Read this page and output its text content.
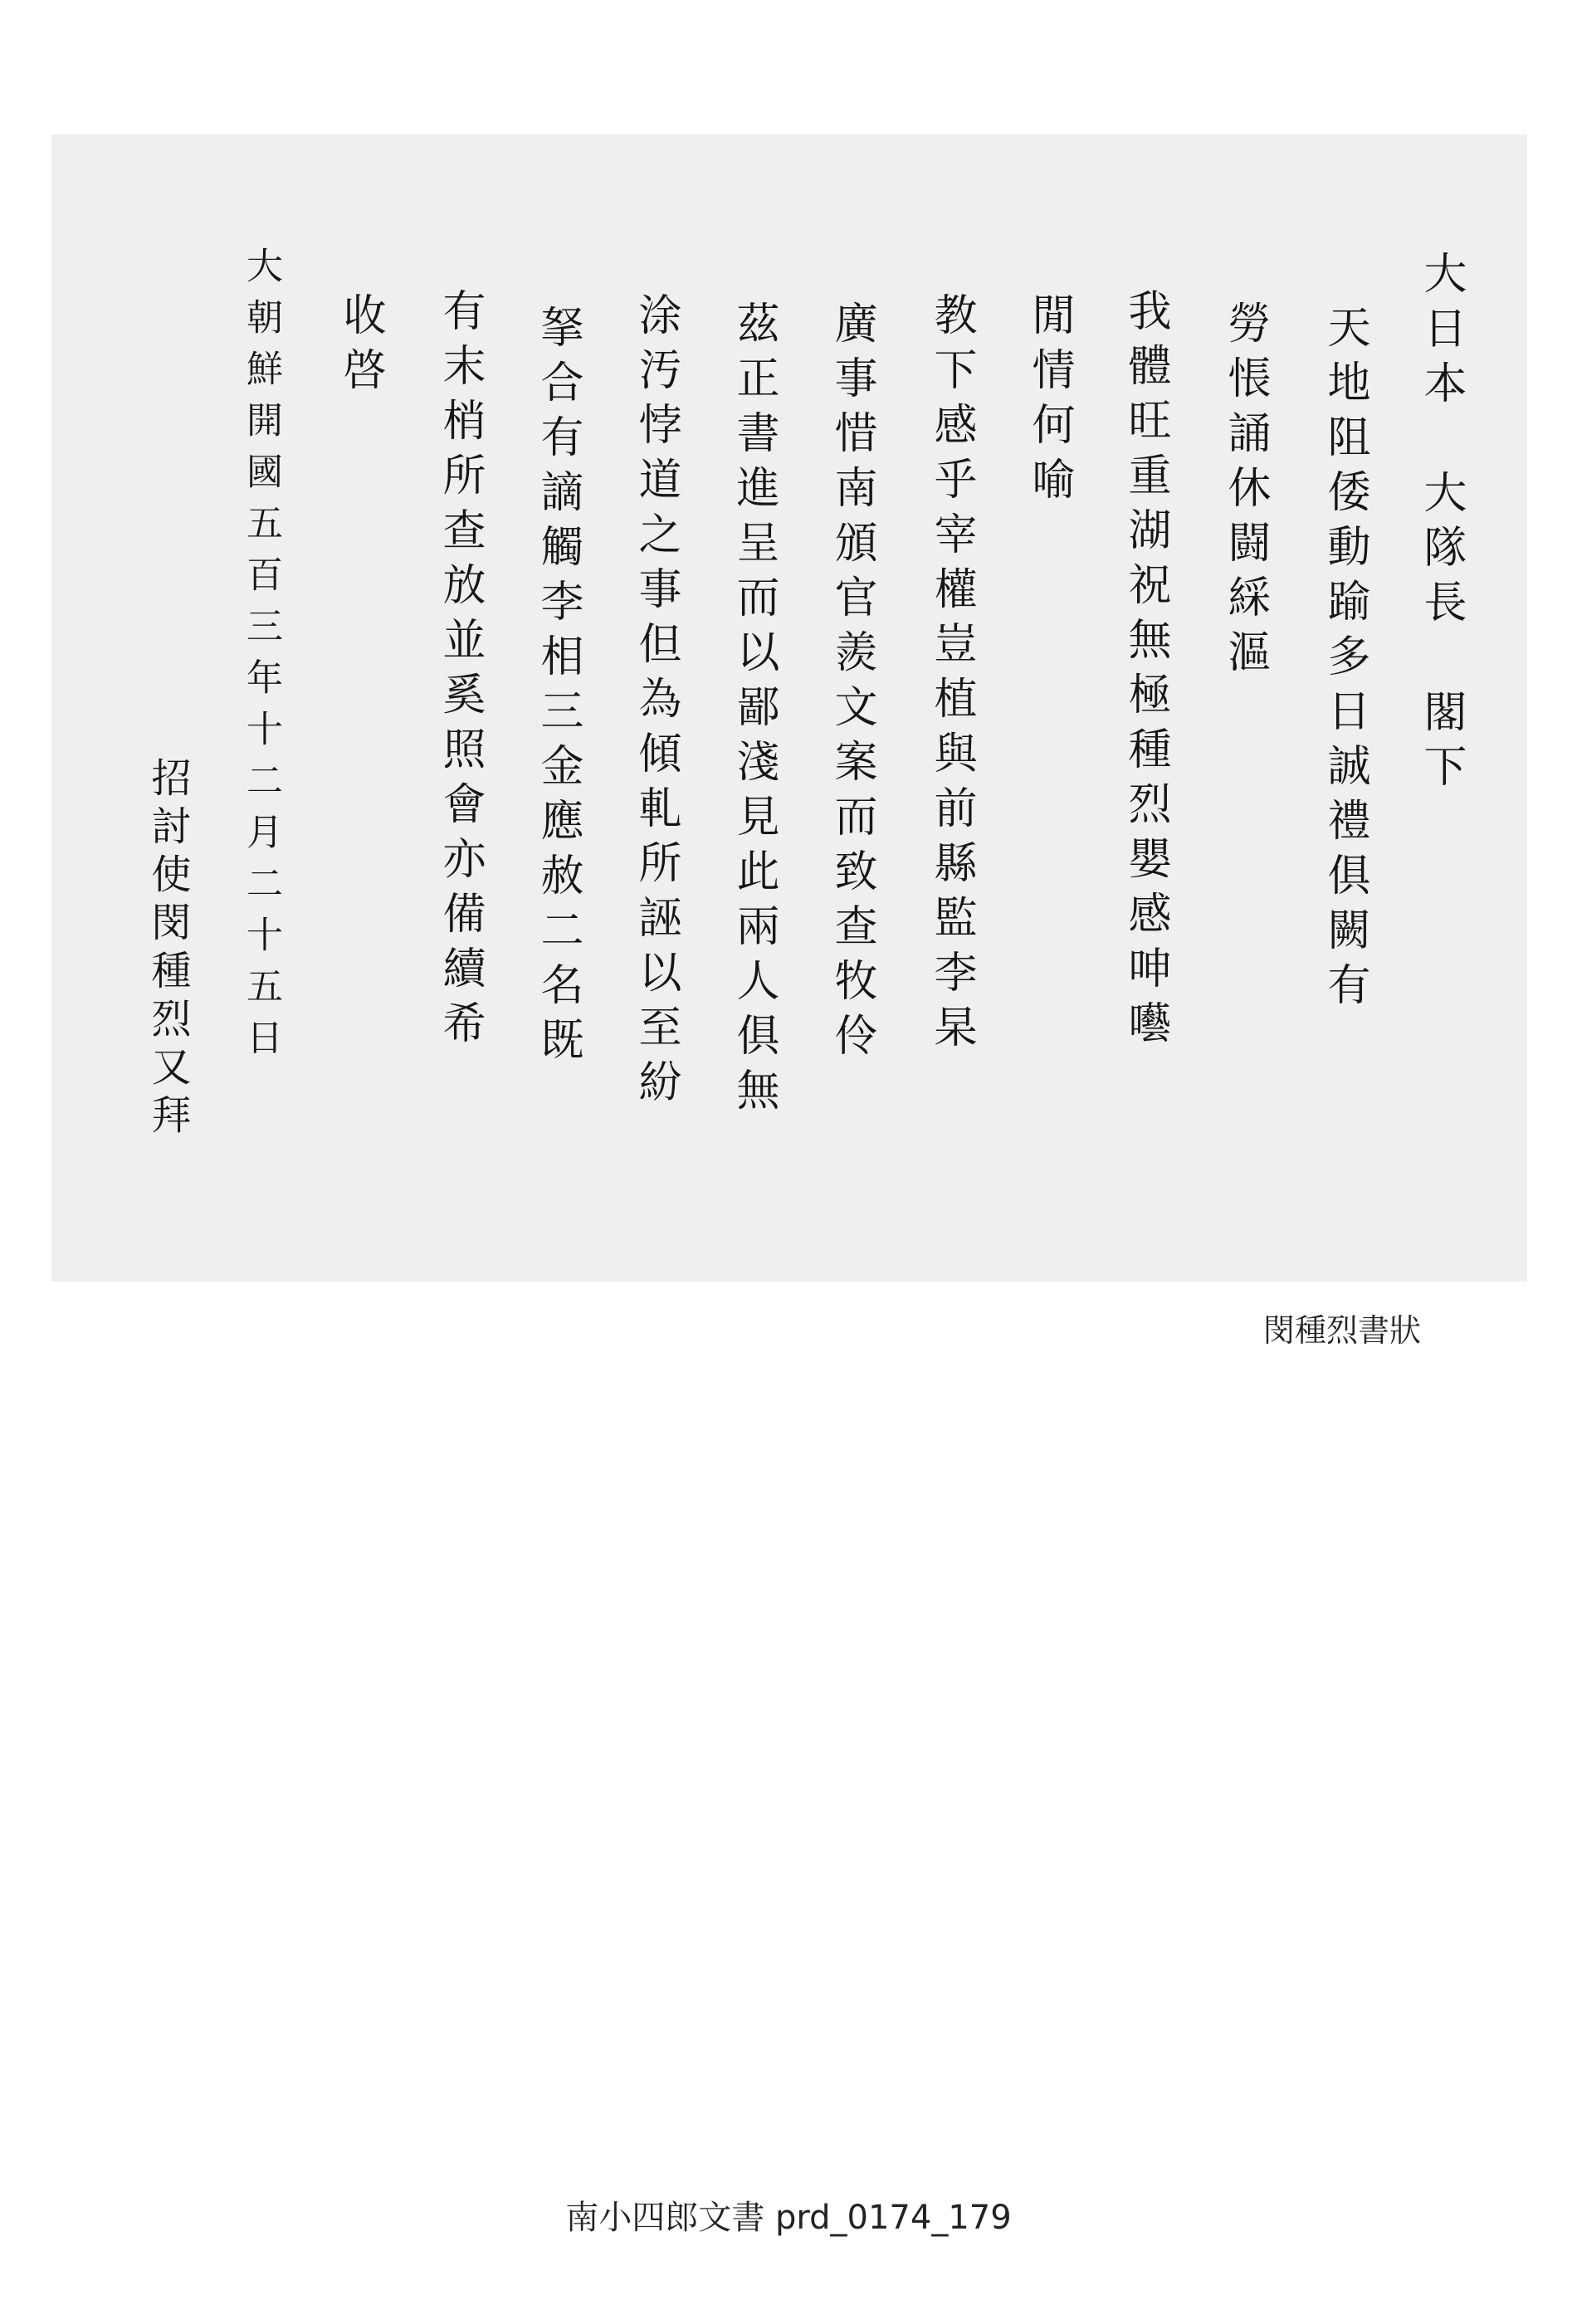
大日本　大隊長　閣下
天地阻倭動踰多日誠禮俱闕有
勞悵誦休闘綵漚
我體旺重湖祝無極種烈嬰感呻囈
閒情何喻
教下感乎宰權豈植與前縣監李杲
廣事惜南頒官羨文案而致查牧伶
茲正書進呈而以鄙淺見此兩人俱無
涂汚悖道之事但為傾軋所誣以至紛
拏合有謫觸李相三金應赦二名既
有末梢所查放並奚照會亦備續希
收啓
大朝鮮開國五百三年十二月二十五日
招討使閔種烈又拜
閔種烈書狀
南小四郎文書 prd_0174_179
